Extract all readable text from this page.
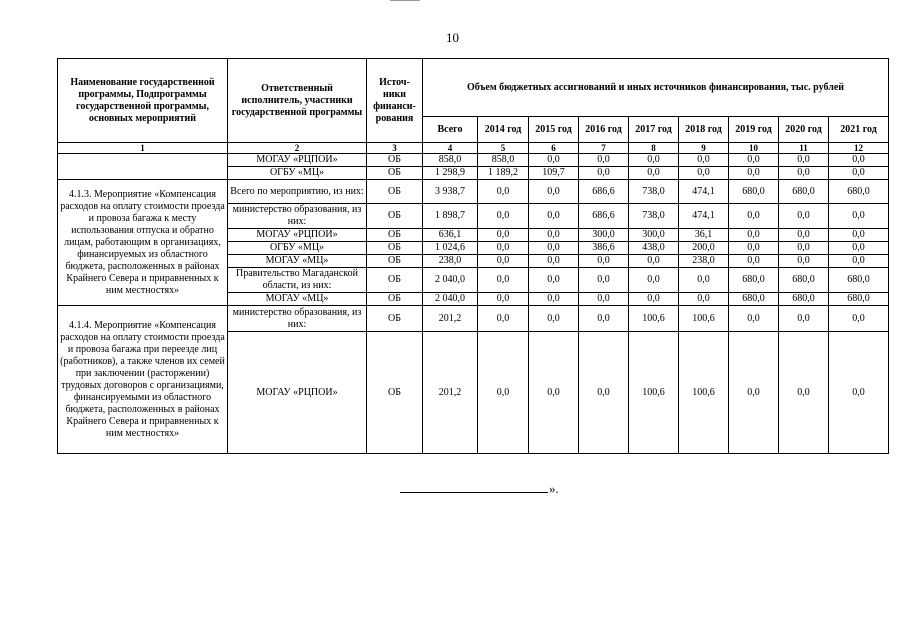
10
Наименование государственной программы, Подпрограммы государственной программы, основных мероприятий	Ответственный исполнитель, участники государственной программы	Источ-ники финанси-рования	Объем бюджетных ассигнований и иных источников финансирования, тыс. рублей								
			Всего	2014 год	2015 год	2016 год	2017 год	2018 год	2019 год	2020 год	2021 год
1	2	3	4	5	6	7	8	9	10	11	12
	МОГАУ «РЦПОИ»	ОБ	858,0	858,0	0,0	0,0	0,0	0,0	0,0	0,0	0,0
	ОГБУ «МЦ»	ОБ	1 298,9	1 189,2	109,7	0,0	0,0	0,0	0,0	0,0	0,0
4.1.3. Мероприятие «Компенсация расходов на оплату стоимости проезда и провоза багажа к месту использования отпуска и обратно лицам, работающим в организациях, финансируемых из областного бюджета, расположенных в районах Крайнего Севера и приравненных к ним местностях»	Всего по мероприятию, из них:	ОБ	3 938,7	0,0	0,0	686,6	738,0	474,1	680,0	680,0	680,0
	министерство образования, из них:	ОБ	1 898,7	0,0	0,0	686,6	738,0	474,1	0,0	0,0	0,0
	МОГАУ «РЦПОИ»	ОБ	636,1	0,0	0,0	300,0	300,0	36,1	0,0	0,0	0,0
	ОГБУ «МЦ»	ОБ	1 024,6	0,0	0,0	386,6	438,0	200,0	0,0	0,0	0,0
	МОГАУ «МЦ»	ОБ	238,0	0,0	0,0	0,0	0,0	238,0	0,0	0,0	0,0
	Правительство Магаданской области, из них:	ОБ	2 040,0	0,0	0,0	0,0	0,0	0,0	680,0	680,0	680,0
	МОГАУ «МЦ»	ОБ	2 040,0	0,0	0,0	0,0	0,0	0,0	680,0	680,0	680,0
4.1.4. Мероприятие «Компенсация расходов на оплату стоимости проезда и провоза багажа при переезде лиц (работников), а также членов их семей при заключении (расторжении) трудовых договоров с организациями, финансируемыми из областного бюджета, расположенных в районах Крайнего Севера и приравненных к ним местностях»	министерство образования, из них:	ОБ	201,2	0,0	0,0	0,0	100,6	100,6	0,0	0,0	0,0
	МОГАУ «РЦПОИ»	ОБ	201,2	0,0	0,0	0,0	100,6	100,6	0,0	0,0	0,0
».
